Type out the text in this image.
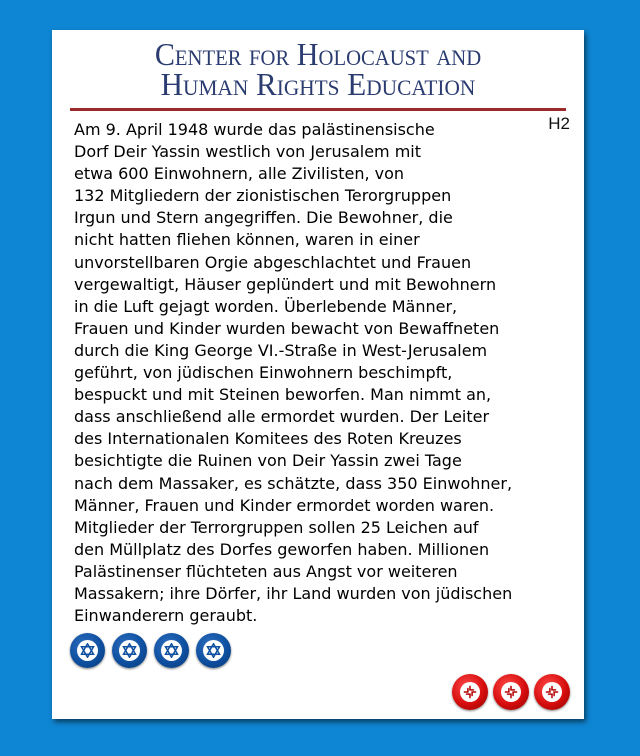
Center for Holocaust and
Human Rights Education
H2
Am 9. April 1948 wurde das palästinensische
Dorf Deir Yassin westlich von Jerusalem mit
etwa 600 Einwohnern, alle Zivilisten, von
132 Mitgliedern der zionistischen Terorgruppen
Irgun und Stern angegriffen. Die Bewohner, die
nicht hatten fliehen können, waren in einer
unvorstellbaren Orgie abgeschlachtet und Frauen
vergewaltigt, Häuser geplündert und mit Bewohnern
in die Luft gejagt worden. Überlebende Männer,
Frauen und Kinder wurden bewacht von Bewaffneten
durch die King George VI.-Straße in West-Jerusalem
geführt, von jüdischen Einwohnern beschimpft,
bespuckt und mit Steinen beworfen. Man nimmt an,
dass anschließend alle ermordet wurden. Der Leiter
des Internationalen Komitees des Roten Kreuzes
besichtigte die Ruinen von Deir Yassin zwei Tage
nach dem Massaker, es schätzte, dass 350 Einwohner,
Männer, Frauen und Kinder ermordet worden waren.
Mitglieder der Terrorgruppen sollen 25 Leichen auf
den Müllplatz des Dorfes geworfen haben. Millionen
Palästinenser flüchteten aus Angst vor weiteren
Massakern; ihre Dörfer, ihr Land wurden von jüdischen
Einwanderern geraubt.
